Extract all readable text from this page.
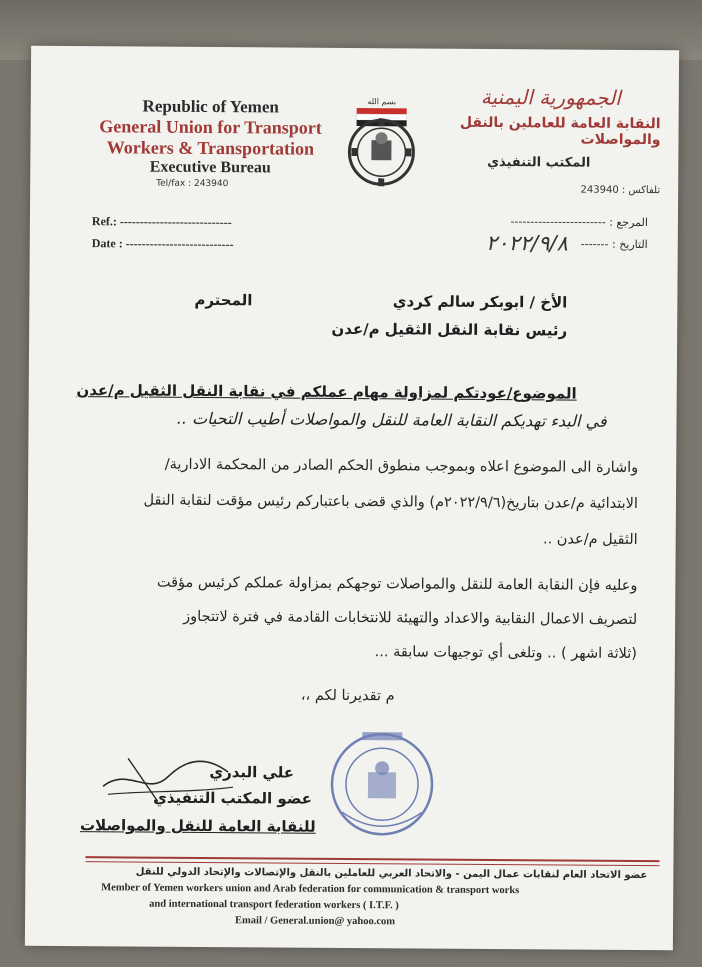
Republic of Yemen
General Union for Transport
Workers & Transportation
Executive Bureau
Tel/fax : 243940
بسم الله	الجمهورية اليمنية
النقابة العامة للعاملين بالنقل والمواصلات
المكتب التنفيذي
تلفاكس : 243940
Ref.: ----------------------------
Date : ---------------------------
المرجع : ------------------------
التاريخ : -------
٢٠٢٢/٩/٨
الأخ / ابوبكر سالم كردي
المحترم
رئيس نقابة النقل الثقيل م/عدن
الموضوع/عودتكم لمزاولة مهام عملكم في نقابة النقل الثقيل م/عدن
في البدء تهديكم النقابة العامة للنقل والمواصلات أطيب التحيات ..
واشارة الى الموضوع اعلاه وبموجب منطوق الحكم الصادر من المحكمة الادارية/
الابتدائية م/عدن بتاريخ(٢٠٢٢/٩/٦م) والذي قضى باعتباركم رئيس مؤقت لنقابة النقل
الثقيل م/عدن ..
وعليه فإن النقابة العامة للنقل والمواصلات توجهكم بمزاولة عملكم كرئيس مؤقت
لتصريف الاعمال النقابية والاعداد والتهيئة للانتخابات القادمة في فترة لاتتجاوز
(ثلاثة اشهر ) .. وتلغى أي توجيهات سابقة ...
م تقديرنا لكم ،،
علي البدري
عضو المكتب التنفيذي
للنقابة العامة للنقل والمواصلات
عضو الاتحاد العام لنقابات عمال اليمن - والاتحاد العربي للعاملين بالنقل والإتصالات والإتحاد الدولي للنقل
Member of Yemen workers union and Arab federation for communication & transport works
and international transport federation workers ( I.T.F. )
Email / General.union@ yahoo.com
